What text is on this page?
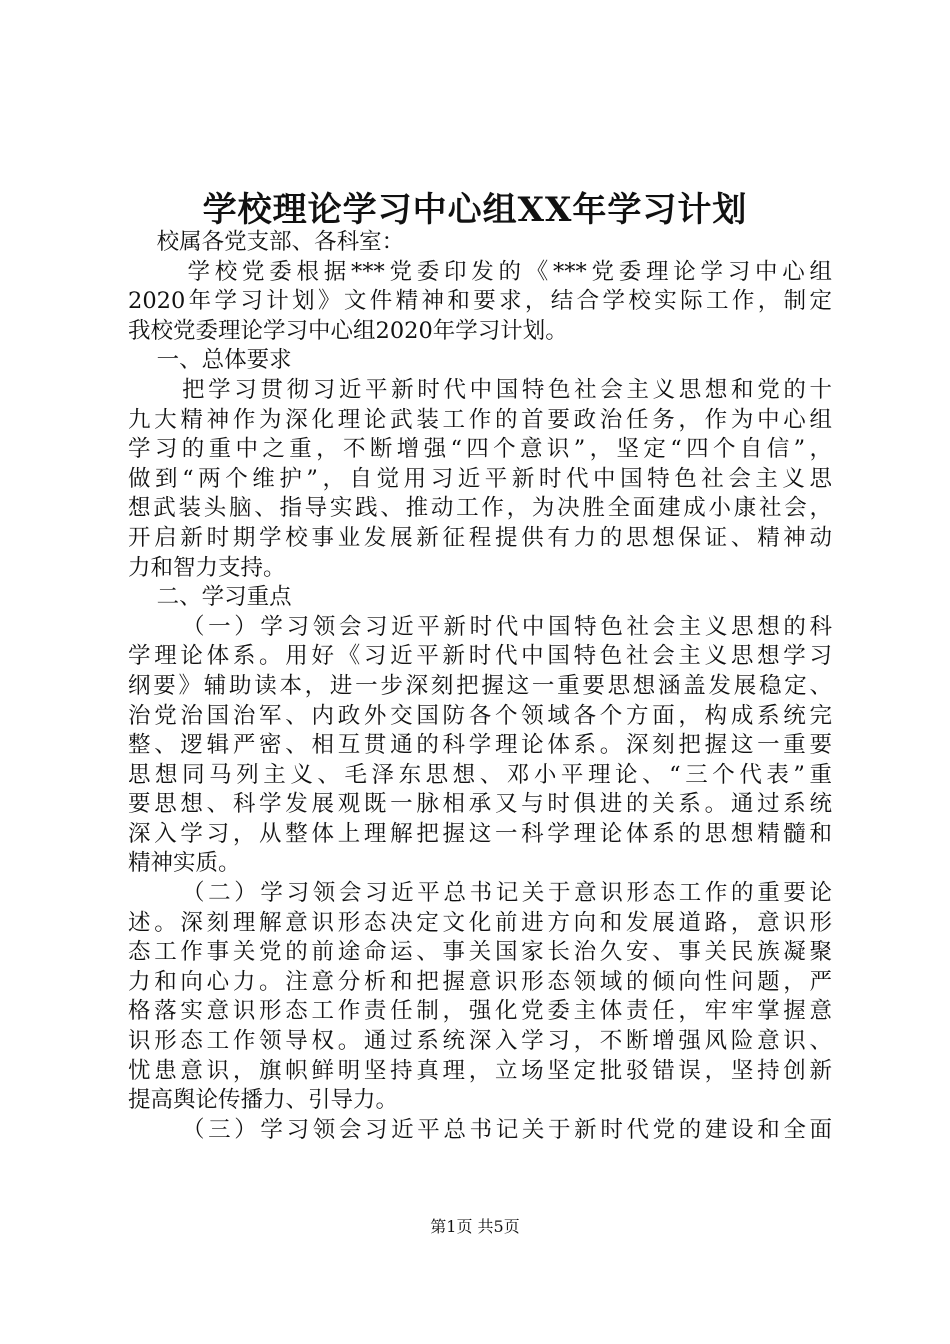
学校理论学习中心组XX年学习计划
校属各党支部、各科室：
学校党委根据***党委印发的《***党委理论学习中心组
2020年学习计划》文件精神和要求，结合学校实际工作，制定
我校党委理论学习中心组2020年学习计划。
一、总体要求
把学习贯彻习近平新时代中国特色社会主义思想和党的十
九大精神作为深化理论武装工作的首要政治任务，作为中心组
学习的重中之重，不断增强“四个意识”，坚定“四个自信”，
做到“两个维护”，自觉用习近平新时代中国特色社会主义思
想武装头脑、指导实践、推动工作，为决胜全面建成小康社会，
开启新时期学校事业发展新征程提供有力的思想保证、精神动
力和智力支持。
二、学习重点
（一）学习领会习近平新时代中国特色社会主义思想的科
学理论体系。用好《习近平新时代中国特色社会主义思想学习
纲要》辅助读本，进一步深刻把握这一重要思想涵盖发展稳定、
治党治国治军、内政外交国防各个领域各个方面，构成系统完
整、逻辑严密、相互贯通的科学理论体系。深刻把握这一重要
思想同马列主义、毛泽东思想、邓小平理论、“三个代表”重
要思想、科学发展观既一脉相承又与时俱进的关系。通过系统
深入学习，从整体上理解把握这一科学理论体系的思想精髓和
精神实质。
（二）学习领会习近平总书记关于意识形态工作的重要论
述。深刻理解意识形态决定文化前进方向和发展道路，意识形
态工作事关党的前途命运、事关国家长治久安、事关民族凝聚
力和向心力。注意分析和把握意识形态领域的倾向性问题，严
格落实意识形态工作责任制，强化党委主体责任，牢牢掌握意
识形态工作领导权。通过系统深入学习，不断增强风险意识、
忧患意识，旗帜鲜明坚持真理，立场坚定批驳错误，坚持创新
提高舆论传播力、引导力。
（三）学习领会习近平总书记关于新时代党的建设和全面
第1页 共5页
